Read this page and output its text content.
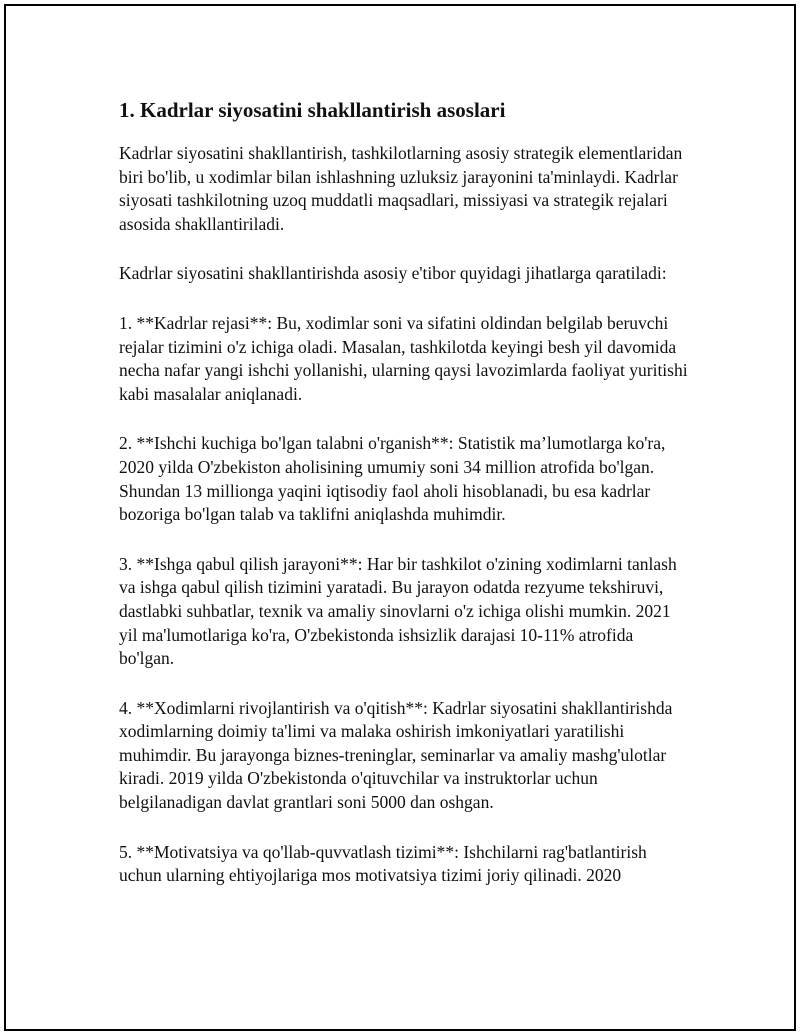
1. Kadrlar siyosatini shakllantirish asoslari

Kadrlar siyosatini shakllantirish, tashkilotlarning asosiy strategik elementlaridan biri bo'lib, u xodimlar bilan ishlashning uzluksiz jarayonini ta'minlaydi. Kadrlar siyosati tashkilotning uzoq muddatli maqsadlari, missiyasi va strategik rejalari asosida shakllantiriladi.

Kadrlar siyosatini shakllantirishda asosiy e'tibor quyidagi jihatlarga qaratiladi:

1. **Kadrlar rejasi**: Bu, xodimlar soni va sifatini oldindan belgilab beruvchi rejalar tizimini o'z ichiga oladi. Masalan, tashkilotda keyingi besh yil davomida necha nafar yangi ishchi yollanishi, ularning qaysi lavozimlarda faoliyat yuritishi kabi masalalar aniqlanadi.

2. **Ishchi kuchiga bo'lgan talabni o'rganish**: Statistik ma’lumotlarga ko'ra, 2020 yilda O'zbekiston aholisining umumiy soni 34 million atrofida bo'lgan. Shundan 13 millionga yaqini iqtisodiy faol aholi hisoblanadi, bu esa kadrlar bozoriga bo'lgan talab va taklifni aniqlashda muhimdir.

3. **Ishga qabul qilish jarayoni**: Har bir tashkilot o'zining xodimlarni tanlash va ishga qabul qilish tizimini yaratadi. Bu jarayon odatda rezyume tekshiruvi, dastlabki suhbatlar, texnik va amaliy sinovlarni o'z ichiga olishi mumkin. 2021 yil ma'lumotlariga ko'ra, O'zbekistonda ishsizlik darajasi 10-11% atrofida bo'lgan.

4. **Xodimlarni rivojlantirish va o'qitish**: Kadrlar siyosatini shakllantirishda xodimlarning doimiy ta'limi va malaka oshirish imkoniyatlari yaratilishi muhimdir. Bu jarayonga biznes-treninglar, seminarlar va amaliy mashg'ulotlar kiradi. 2019 yilda O'zbekistonda o'qituvchilar va instruktorlar uchun belgilanadigan davlat grantlari soni 5000 dan oshgan.

5. **Motivatsiya va qo'llab-quvvatlash tizimi**: Ishchilarni rag'batlantirish uchun ularning ehtiyojlariga mos motivatsiya tizimi joriy qilinadi. 2020
